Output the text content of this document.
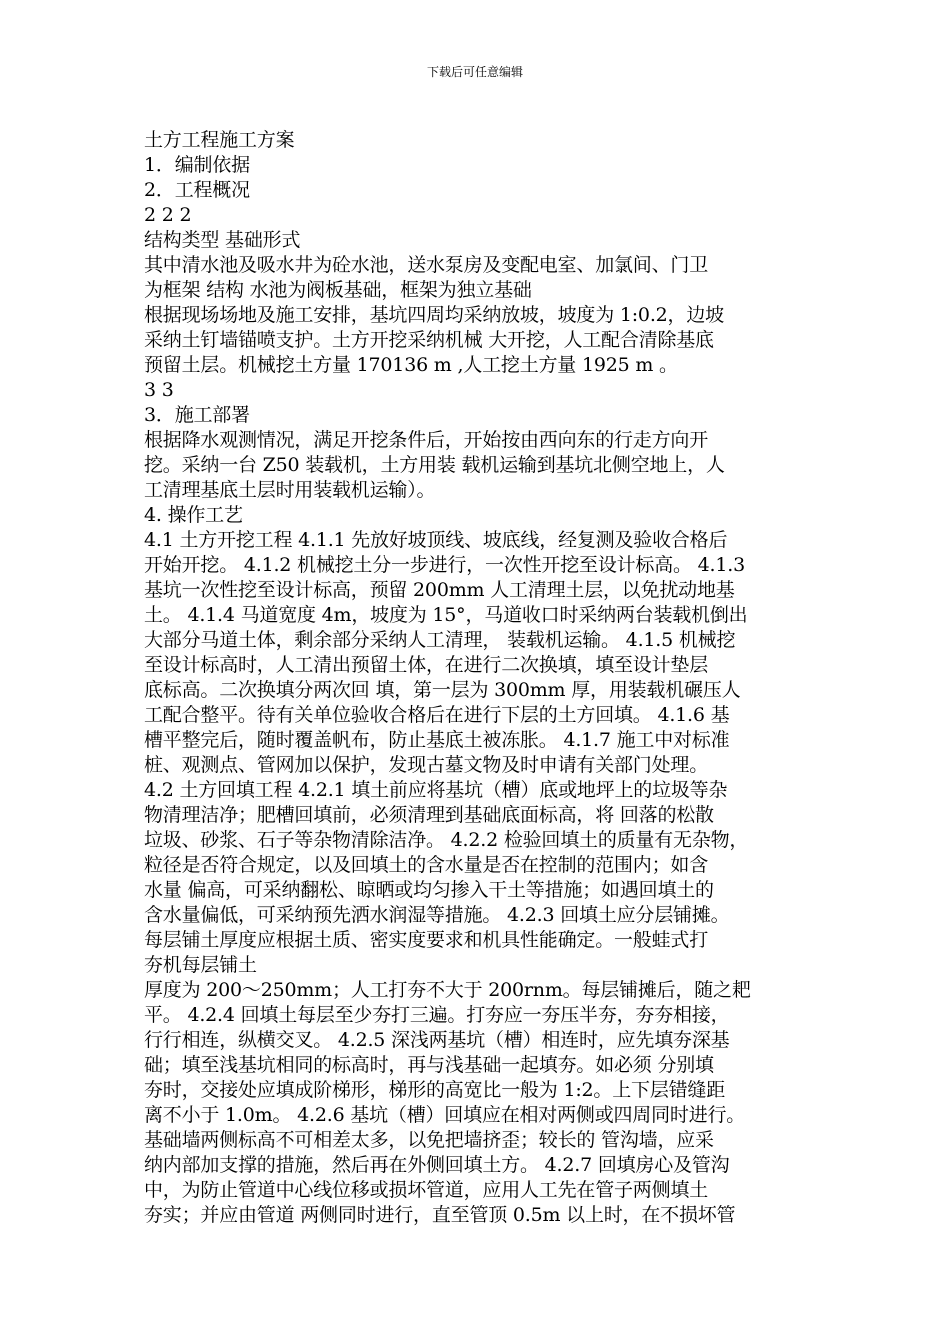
下载后可任意编辑
土方工程施工方案
1．编制依据
2．工程概况
2 2 2
结构类型 基础形式
其中清水池及吸水井为砼水池，送水泵房及变配电室、加氯间、门卫
为框架 结构 水池为阀板基础，框架为独立基础
根据现场场地及施工安排，基坑四周均采纳放坡，坡度为 1:0.2，边坡
采纳土钉墙锚喷支护。土方开挖采纳机械 大开挖，人工配合清除基底
预留土层。机械挖土方量 170136 m ,人工挖土方量 1925 m 。
3 3
3．施工部署
根据降水观测情况，满足开挖条件后，开始按由西向东的行走方向开
挖。采纳一台 Z50 装载机，土方用装 载机运输到基坑北侧空地上，人
工清理基底土层时用装载机运输）。
4. 操作工艺
4.1 土方开挖工程 4.1.1 先放好坡顶线、坡底线，经复测及验收合格后
开始开挖。 4.1.2 机械挖土分一步进行，一次性开挖至设计标高。 4.1.3
基坑一次性挖至设计标高，预留 200mm 人工清理土层，以免扰动地基
土。 4.1.4 马道宽度 4m，坡度为 15°，马道收口时采纳两台装载机倒出
大部分马道土体，剩余部分采纳人工清理， 装载机运输。 4.1.5 机械挖
至设计标高时，人工清出预留土体，在进行二次换填，填至设计垫层
底标高。二次换填分两次回 填，第一层为 300mm 厚，用装载机碾压人
工配合整平。待有关单位验收合格后在进行下层的土方回填。 4.1.6 基
槽平整完后，随时覆盖帆布，防止基底土被冻胀。 4.1.7 施工中对标准
桩、观测点、管网加以保护，发现古墓文物及时申请有关部门处理。
4.2 土方回填工程 4.2.1 填土前应将基坑（槽）底或地坪上的垃圾等杂
物清理洁净；肥槽回填前，必须清理到基础底面标高，将 回落的松散
垃圾、砂浆、石子等杂物清除洁净。 4.2.2 检验回填土的质量有无杂物，
粒径是否符合规定，以及回填土的含水量是否在控制的范围内；如含
水量 偏高，可采纳翻松、晾晒或均匀掺入干土等措施；如遇回填土的
含水量偏低，可采纳预先洒水润湿等措施。 4.2.3 回填土应分层铺摊。
每层铺土厚度应根据土质、密实度要求和机具性能确定。一般蛙式打
夯机每层铺土
厚度为 200～250mm；人工打夯不大于 200rnm。每层铺摊后，随之耙
平。 4.2.4 回填土每层至少夯打三遍。打夯应一夯压半夯，夯夯相接，
行行相连，纵横交叉。 4.2.5 深浅两基坑（槽）相连时，应先填夯深基
础；填至浅基坑相同的标高时，再与浅基础一起填夯。如必须 分别填
夯时，交接处应填成阶梯形，梯形的高宽比一般为 1:2。上下层错缝距
离不小于 1.0m。 4.2.6 基坑（槽）回填应在相对两侧或四周同时进行。
基础墙两侧标高不可相差太多，以免把墙挤歪；较长的 管沟墙，应采
纳内部加支撑的措施，然后再在外侧回填土方。 4.2.7 回填房心及管沟
中，为防止管道中心线位移或损坏管道，应用人工先在管子两侧填土
夯实；并应由管道 两侧同时进行，直至管顶 0.5m 以上时，在不损坏管
